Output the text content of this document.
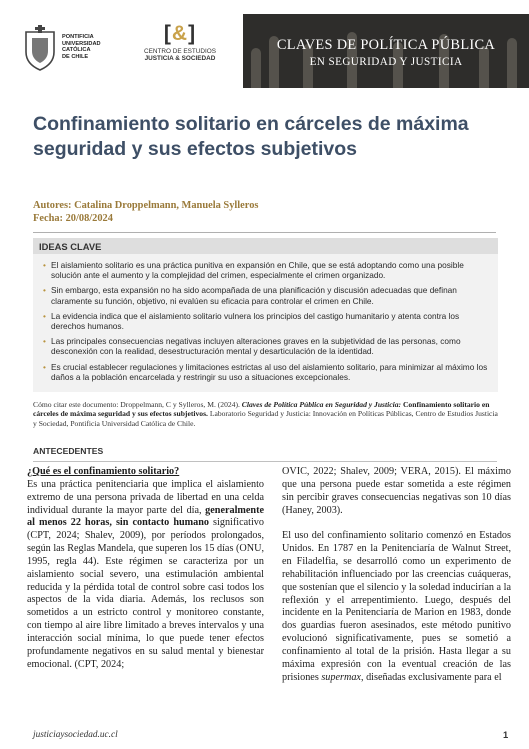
PONTIFICIA
UNIVERSIDAD
CATÓLICA
DE CHILE
[&]
CENTRO DE ESTUDIOS
JUSTICIA & SOCIEDAD
CLAVES DE POLÍTICA PÚBLICA
EN SEGURIDAD Y JUSTICIA
Confinamiento solitario en cárceles de máxima seguridad y sus efectos subjetivos
Autores: Catalina Droppelmann, Manuela Sylleros
Fecha: 20/08/2024
IDEAS CLAVE
• El aislamiento solitario es una práctica punitiva en expansión en Chile, que se está adoptando como una posible solución ante el aumento y la complejidad del crimen, especialmente el crimen organizado.
• Sin embargo, esta expansión no ha sido acompañada de una planificación y discusión adecuadas que definan claramente su función, objetivo, ni evalúen su eficacia para controlar el crimen en Chile.
• La evidencia indica que el aislamiento solitario vulnera los principios del castigo humanitario y atenta contra los derechos humanos.
• Las principales consecuencias negativas incluyen alteraciones graves en la subjetividad de las personas, como desconexión con la realidad, desestructuración mental y desarticulación de la identidad.
• Es crucial establecer regulaciones y limitaciones estrictas al uso del aislamiento solitario, para minimizar al máximo los daños a la población encarcelada y restringir su uso a situaciones excepcionales.
Cómo citar este documento: Droppelmann, C y Sylleros, M. (2024). Claves de Política Pública en Seguridad y Justicia: Confinamiento solitario en cárceles de máxima seguridad y sus efectos subjetivos. Laboratorio Seguridad y Justicia: Innovación en Políticas Públicas, Centro de Estudios Justicia y Sociedad, Pontificia Universidad Católica de Chile.
ANTECEDENTES

¿Qué es el confinamiento solitario?

Es una práctica penitenciaria que implica el aislamiento extremo de una persona privada de libertad en una celda individual durante la mayor parte del día, generalmente al menos 22 horas, sin contacto humano significativo (CPT, 2024; Shalev, 2009), por períodos prolongados, según las Reglas Mandela, que superen los 15 días (ONU, 1995, regla 44). Este régimen se caracteriza por un aislamiento social severo, una estimulación ambiental reducida y la pérdida total de control sobre casi todos los aspectos de la vida diaria. Además, los reclusos son sometidos a un estricto control y monitoreo constante, con tiempo al aire libre limitado a breves intervalos y una interacción social mínima, lo que puede tener efectos profundamente negativos en su salud mental y bienestar emocional. (CPT, 2024;

OVIC, 2022; Shalev, 2009; VERA, 2015). El máximo que una persona puede estar sometida a este régimen sin percibir graves consecuencias negativas son 10 días (Haney, 2003).

El uso del confinamiento solitario comenzó en Estados Unidos. En 1787 en la Penitenciaría de Walnut Street, en Filadelfia, se desarrolló como un experimento de rehabilitación influenciado por las creencias cuáqueras, que sostenían que el silencio y la soledad inducirían a la reflexión y el arrepentimiento. Luego, después del incidente en la Penitenciaría de Marion en 1983, donde dos guardias fueron asesinados, este método punitivo evolucionó significativamente, pues se sometió a confinamiento al total de la prisión. Hasta llegar a su máxima expresión con la eventual creación de las prisiones supermax, diseñadas exclusivamente para el

justiciaysociedad.uc.cl	1
